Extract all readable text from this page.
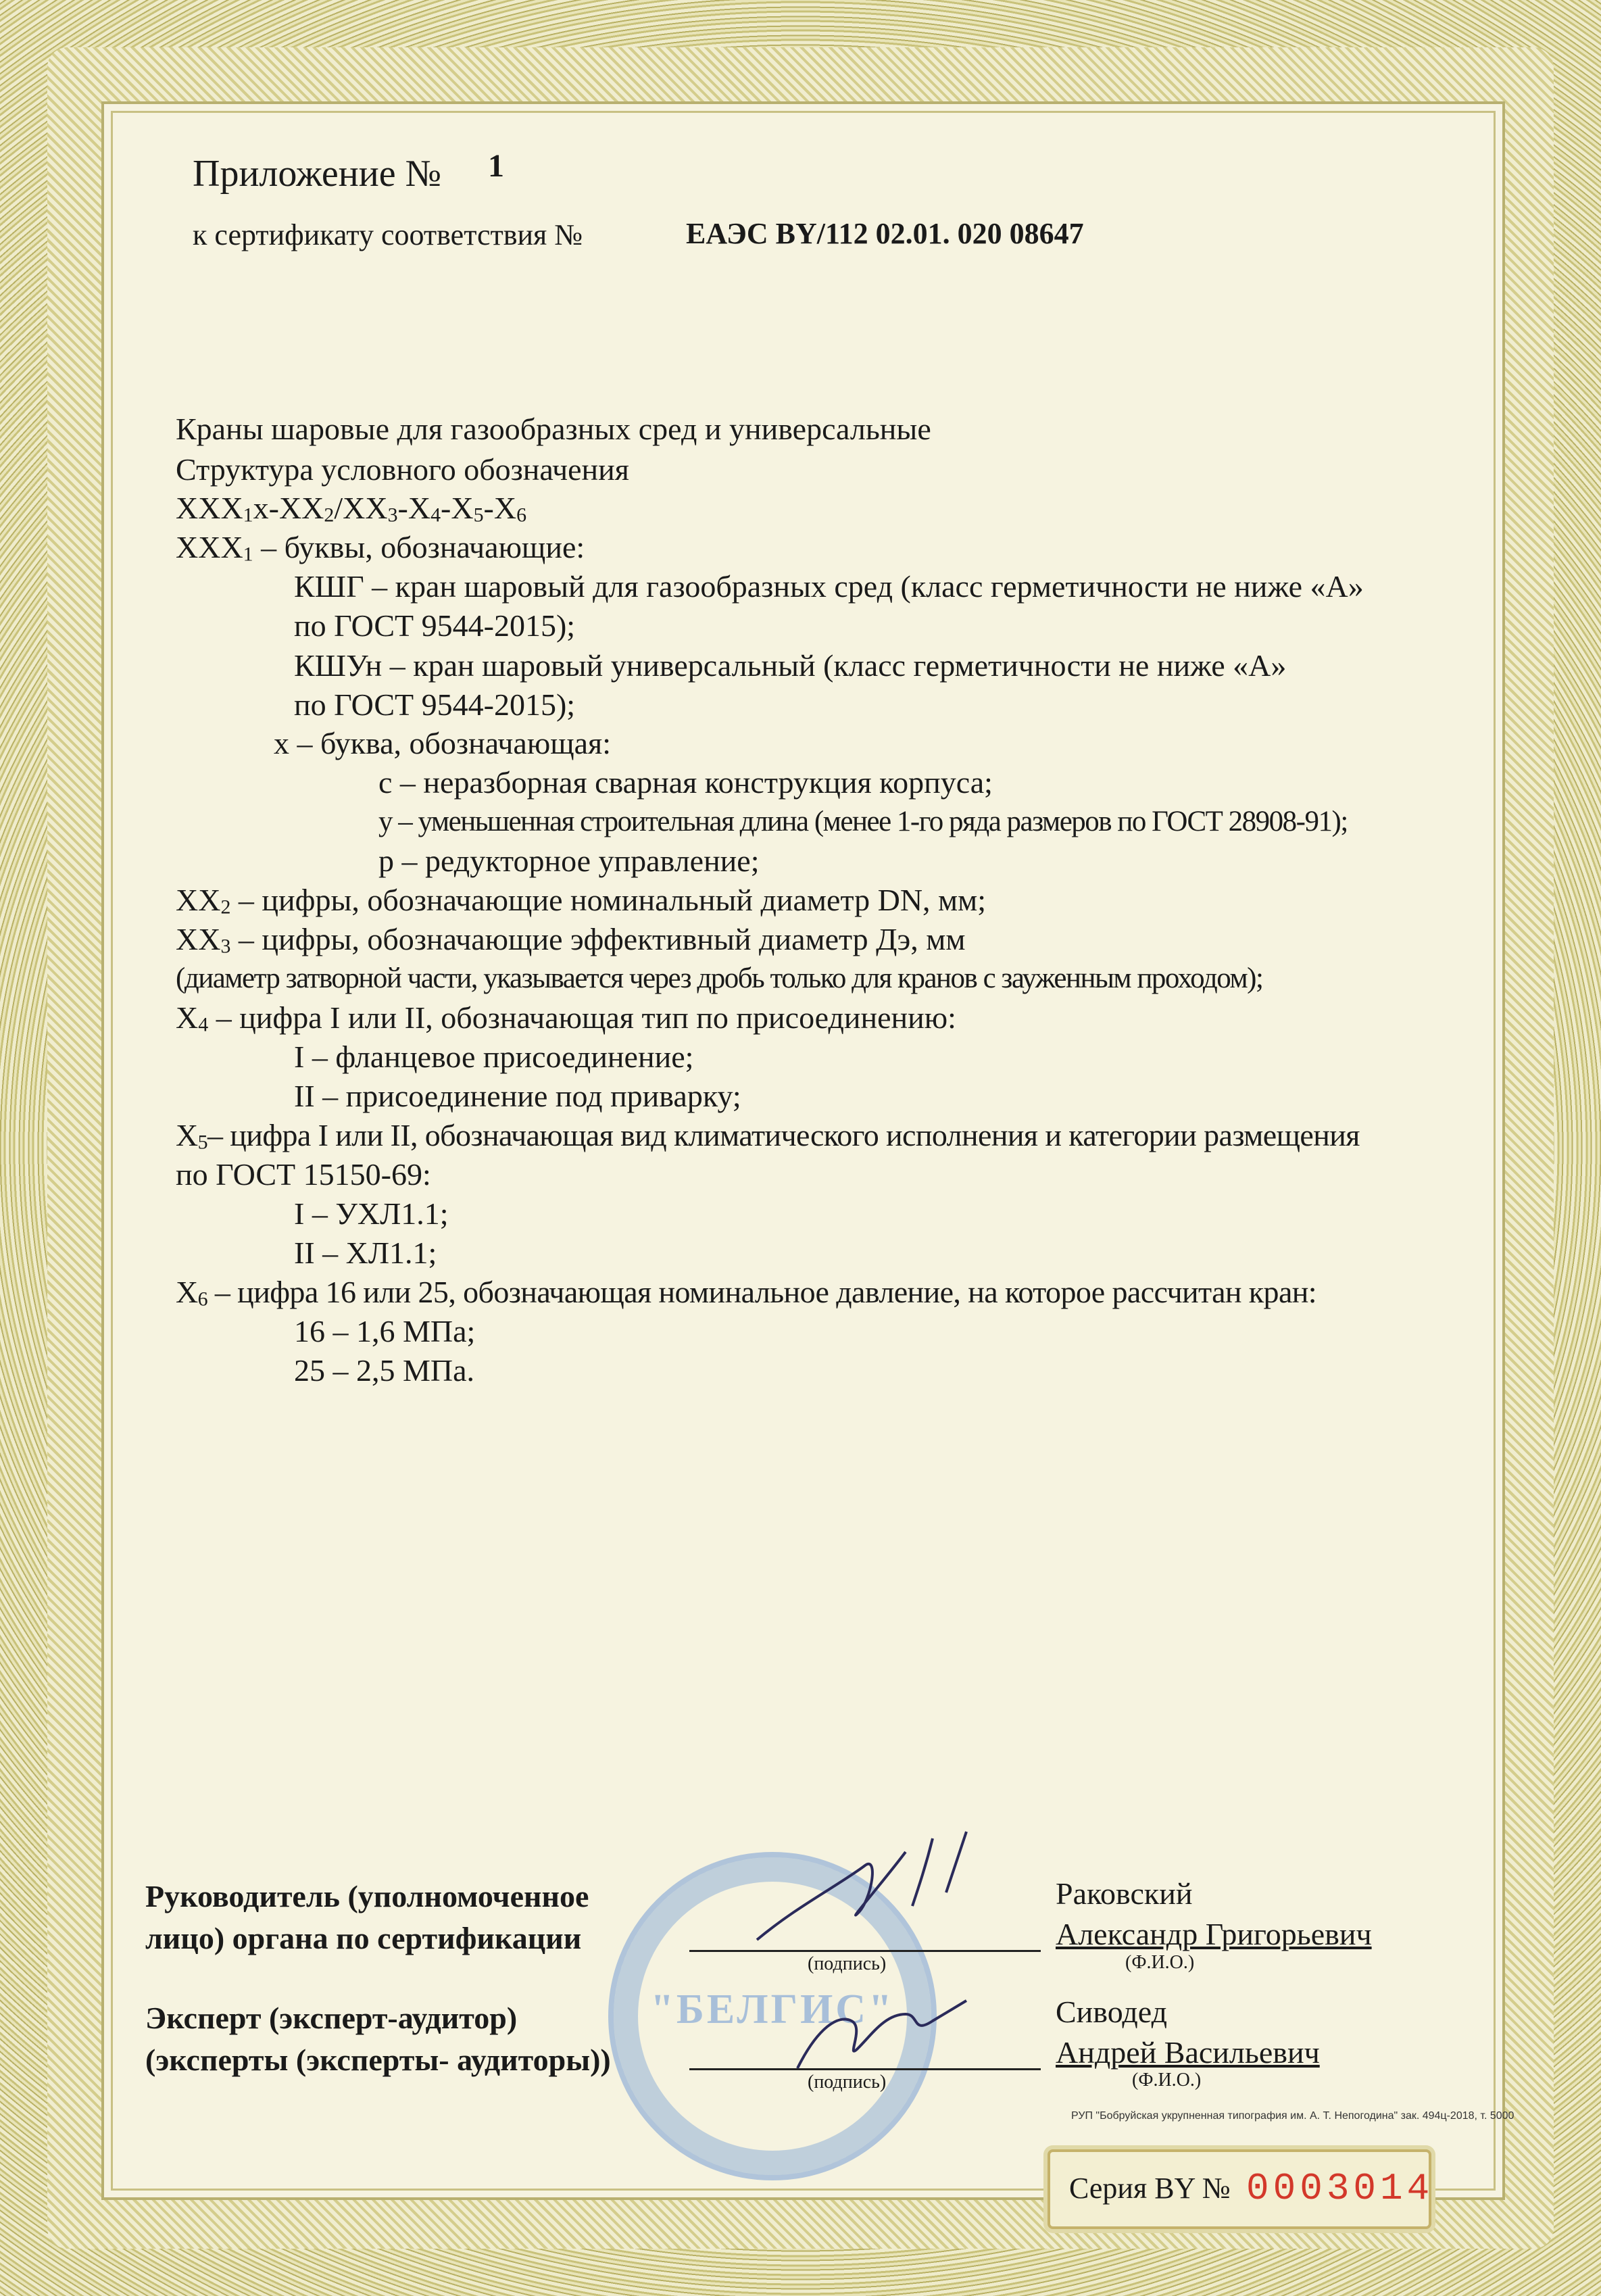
Приложение № 1
к сертификату соответствия №	ЕАЭС BY/112 02.01. 020 08647
Краны шаровые для газообразных сред и универсальные
Структура условного обозначения
$XXX_1х-XX_2/XX_3-X_4-X_5-X_6$
$XXX_1$ – буквы, обозначающие:
КШГ – кран шаровый для газообразных сред (класс герметичности не ниже «А»
по ГОСТ 9544-2015);
КШУн – кран шаровый универсальный (класс герметичности не ниже «А»
по ГОСТ 9544-2015);
х – буква, обозначающая:
с – неразборная сварная конструкция корпуса;
у – уменьшенная строительная длина (менее 1-го ряда размеров по ГОСТ 28908-91);
р – редукторное управление;
$XX_2$ – цифры, обозначающие номинальный диаметр DN, мм;
$XX_3$ – цифры, обозначающие эффективный диаметр Дэ, мм
(диаметр затворной части, указывается через дробь только для кранов с зауженным проходом);
$X_4$ – цифра I или II, обозначающая тип по присоединению:
I – фланцевое присоединение;
II – присоединение под приварку;
$X_5-$ цифра I или II, обозначающая вид климатического исполнения и категории размещения
по ГОСТ 15150-69:
I – УХЛ1.1;
II – ХЛ1.1;
$X_6$ – цифра 16 или 25, обозначающая номинальное давление, на которое рассчитан кран:
16 – 1,6 МПа;
25 – 2,5 МПа.
"БЕЛГИС"
Руководитель (уполномоченное
лицо) органа по сертификации
(подпись)
Раковский
Александр Григорьевич
(Ф.И.О.)
Эксперт (эксперт-аудитор)
(эксперты (эксперты- аудиторы))
(подпись)
Сиводед
Андрей Васильевич
(Ф.И.О.)
РУП "Бобруйская укрупненная типография им. А. Т. Непогодина" зак. 494ц-2018, т. 5000
Серия BY № 0003014
